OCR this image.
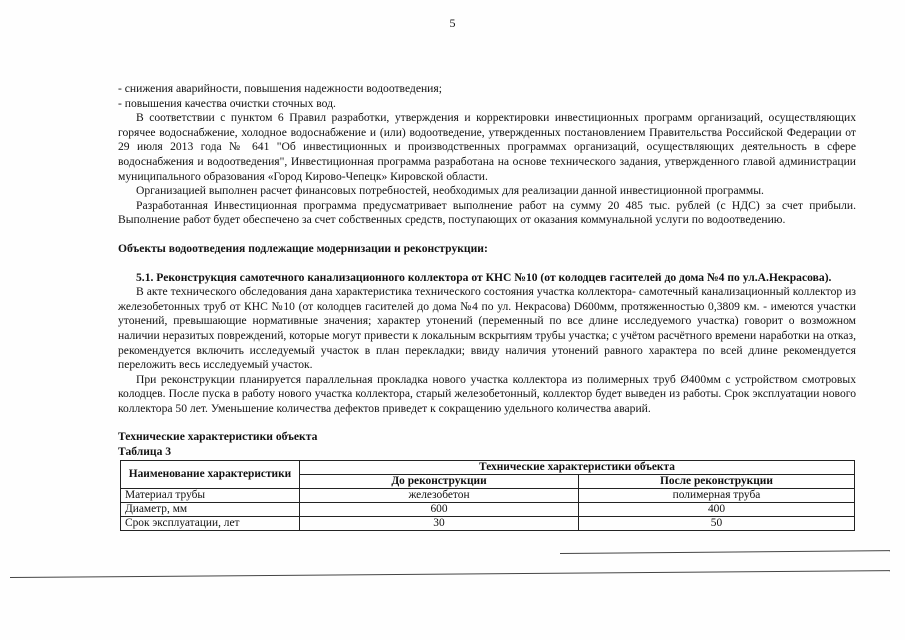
5

- снижения аварийности, повышения надежности водоотведения;

- повышения качества очистки сточных вод.

В соответствии с пунктом 6 Правил разработки, утверждения и корректировки инвестиционных программ организаций, осуществляющих горячее водоснабжение, холодное водоснабжение и (или) водоотведение, утвержденных постановлением Правительства Российской Федерации от 29 июля 2013 года № 641 "Об инвестиционных и производственных программах организаций, осуществляющих деятельность в сфере водоснабжения и водоотведения", Инвестиционная программа разработана на основе технического задания, утвержденного главой администрации муниципального образования «Город Кирово-Чепецк» Кировской области.

Организацией выполнен расчет финансовых потребностей, необходимых для реализации данной инвестиционной программы.

Разработанная Инвестиционная программа предусматривает выполнение работ на сумму 20 485 тыс. рублей (с НДС) за счет прибыли. Выполнение работ будет обеспечено за счет собственных средств, поступающих от оказания коммунальной услуги по водоотведению.

Объекты водоотведения подлежащие модернизации и реконструкции:

5.1. Реконструкция самотечного канализационного коллектора от КНС №10 (от колодцев гасителей до дома №4 по ул.А.Некрасова).

В акте технического обследования дана характеристика технического состояния участка коллектора- самотечный канализационный коллектор из железобетонных труб от КНС №10 (от колодцев гасителей до дома №4 по ул. Некрасова) D600мм, протяженностью 0,3809 км. - имеются участки утонений, превышающие нормативные значения; характер утонений (переменный по все длине исследуемого участка) говорит о возможном наличии неразитых повреждений, которые могут привести к локальным вскрытиям трубы участка; с учётом расчётного времени наработки на отказ, рекомендуется включить исследуемый участок в план перекладки; ввиду наличия утонений равного характера по всей длине рекомендуется переложить весь исследуемый участок.

При реконструкции планируется параллельная прокладка нового участка коллектора из полимерных труб Ø400мм с устройством смотровых колодцев. После пуска в работу нового участка коллектора, старый железобетонный, коллектор будет выведен из работы. Срок эксплуатации нового коллектора 50 лет. Уменьшение количества дефектов приведет к сокращению удельного количества аварий.

Технические характеристики объекта

Таблица 3

Наименование характеристики	Технические характеристики объекта	
	До реконструкции	После реконструкции
Материал трубы	железобетон	полимерная труба
Диаметр, мм	600	400
Срок эксплуатации, лет	30	50
